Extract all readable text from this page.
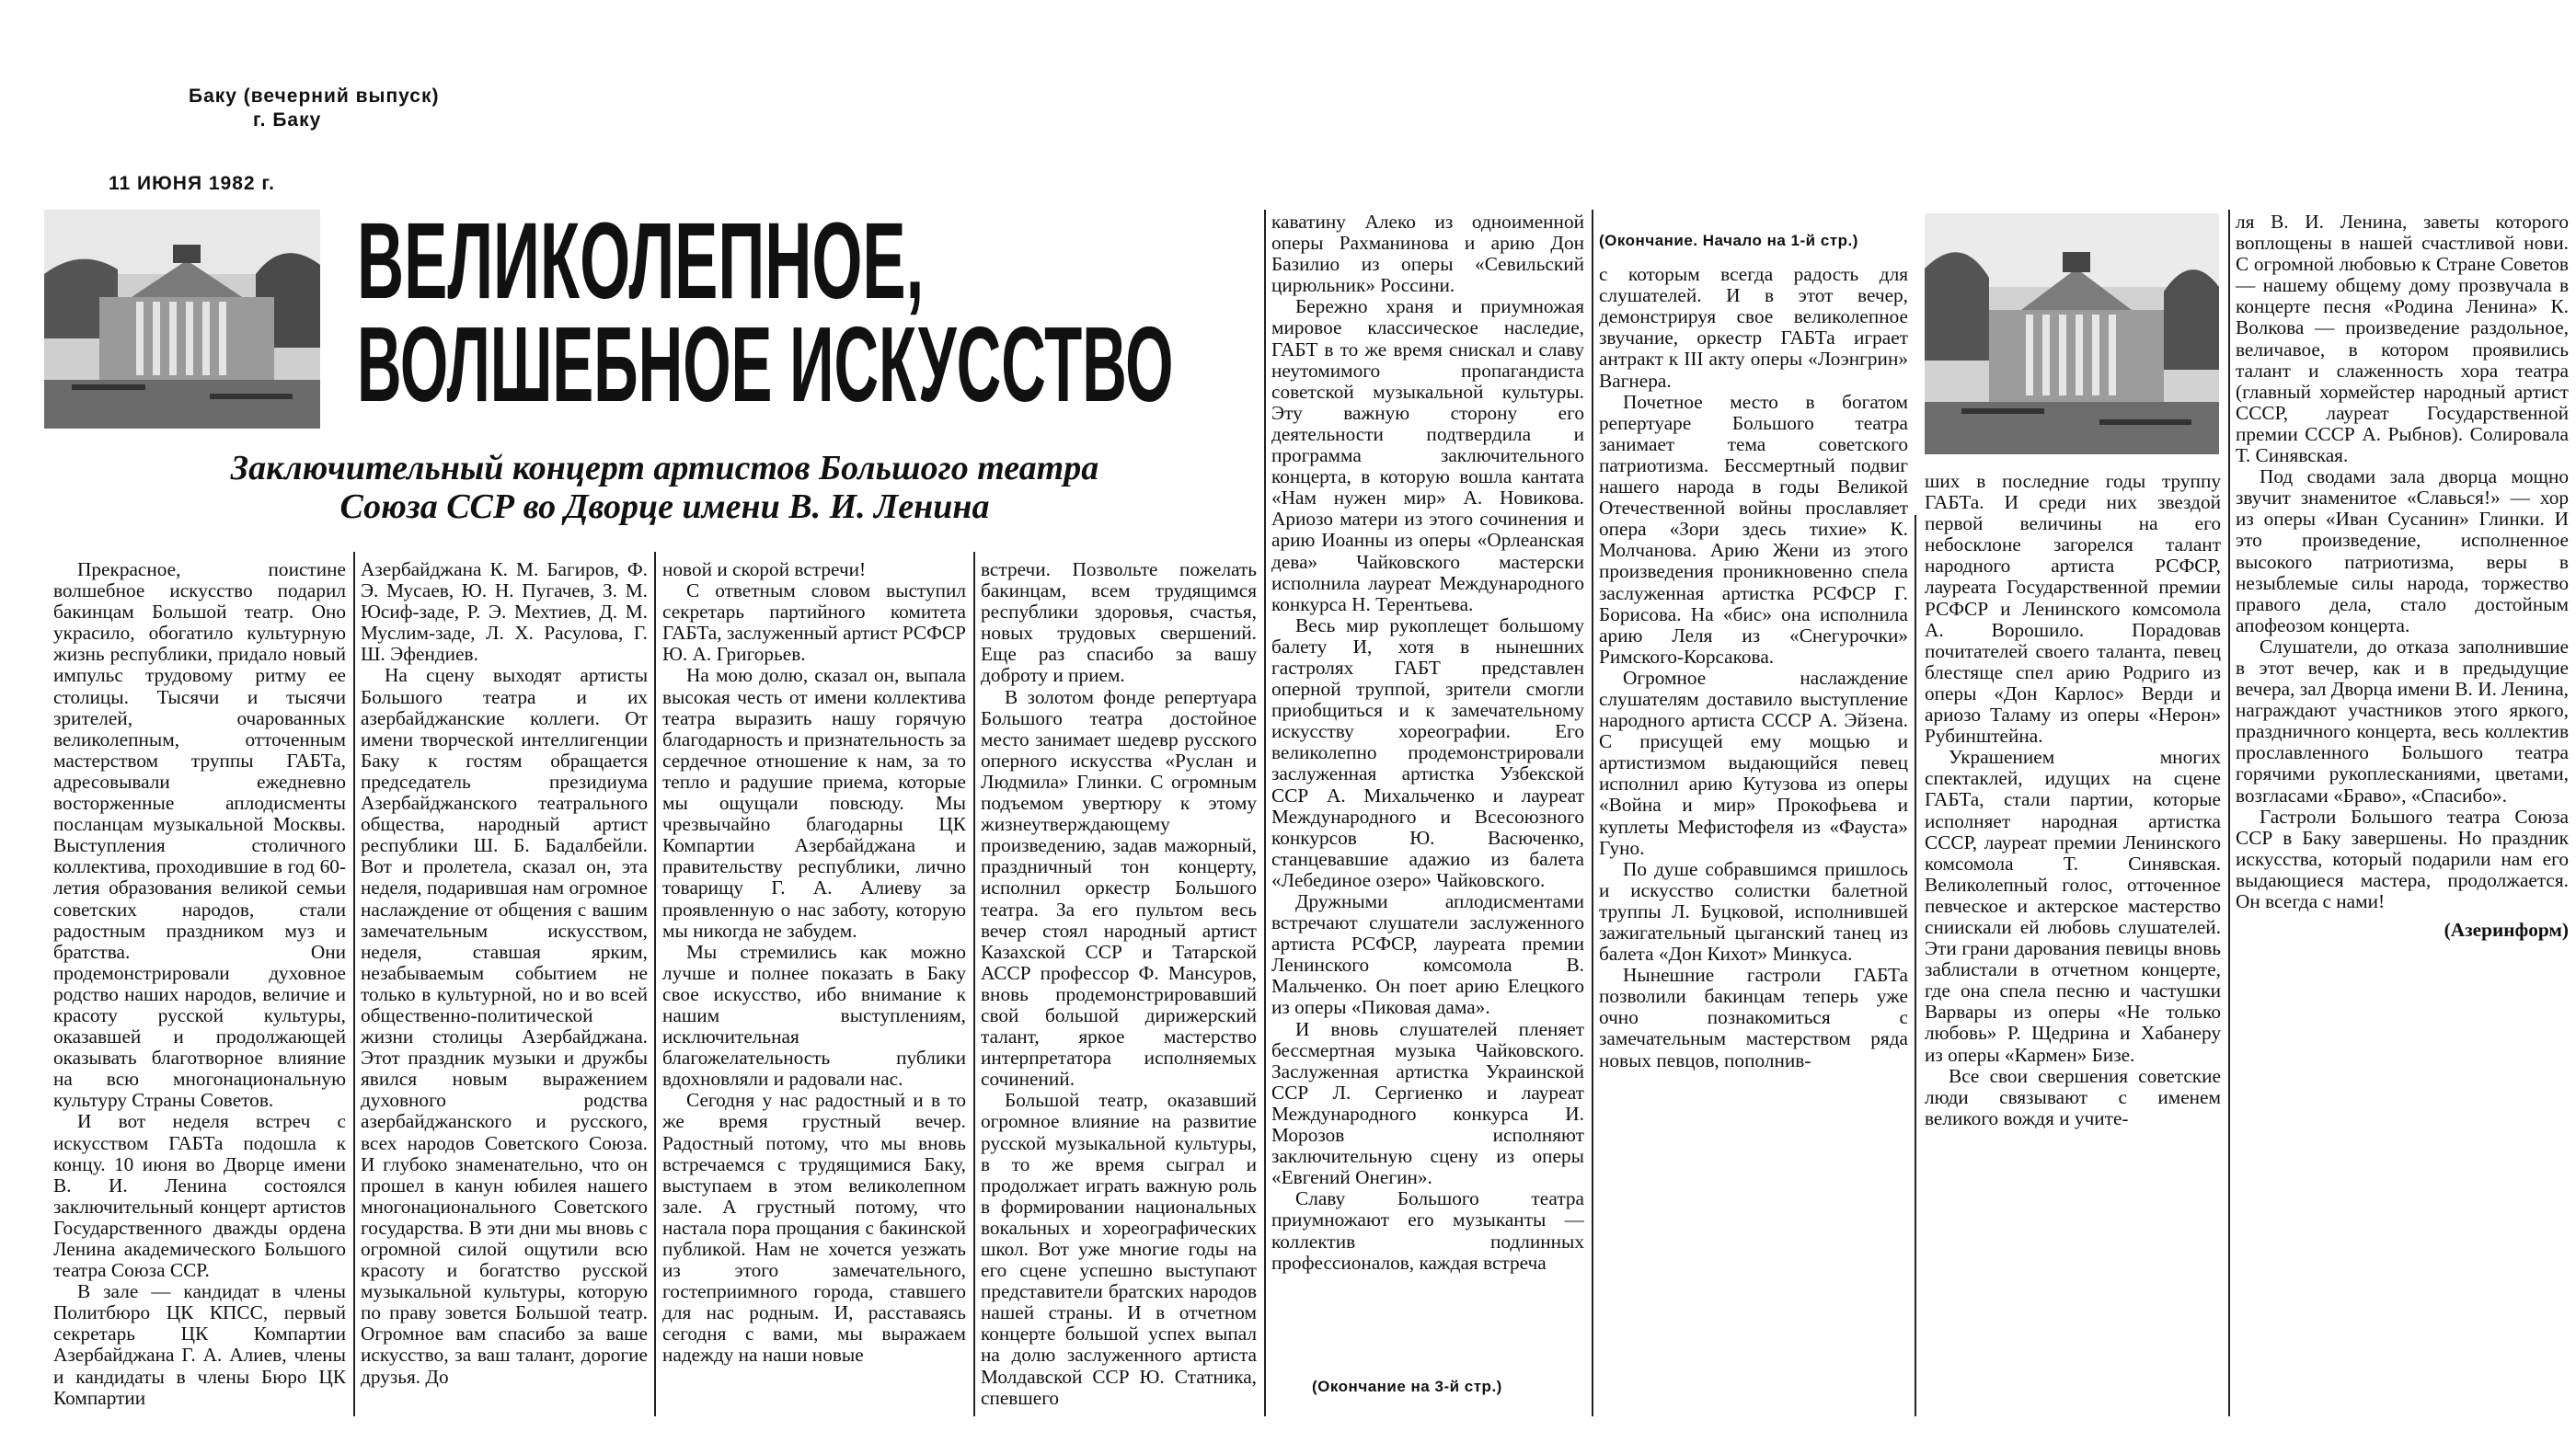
Баку (вечерний выпуск)
г. Баку
11 ИЮНЯ 1982 г.
ВЕЛИКОЛЕПНОЕ,
ВОЛШЕБНОЕ ИСКУССТВО

Заключительный концерт артистов Большого театра

Союза ССР во Дворце имени В. И. Ленина

Прекрасное, поистине волшебное искусство подарил бакинцам Большой театр. Оно украсило, обогатило культурную жизнь республики, придало новый импульс трудовому ритму ее столицы. Тысячи и тысячи зрителей, очарованных великолепным, отточенным мастерством труппы ГАБТа, адресовывали ежедневно восторженные аплодисменты посланцам музыкальной Москвы. Выступления столичного коллектива, проходившие в год 60-летия образования великой семьи советских народов, стали радостным праздником муз и братства. Они продемонстрировали духовное родство наших народов, величие и красоту русской культуры, оказавшей и продолжающей оказывать благотворное влияние на всю многонациональную культуру Страны Советов.

И вот неделя встреч с искусством ГАБТа подошла к концу. 10 июня во Дворце имени В. И. Ленина состоялся заключительный концерт артистов Государственного дважды ордена Ленина академического Большого театра Союза ССР.

В зале — кандидат в члены Политбюро ЦК КПСС, первый секретарь ЦК Компартии Азербайджана Г. А. Алиев, члены и кандидаты в члены Бюро ЦК Компартии

Азербайджана К. М. Багиров, Ф. Э. Мусаев, Ю. Н. Пугачев, З. М. Юсиф-заде, Р. Э. Мехтиев, Д. М. Муслим-заде, Л. Х. Расулова, Г. Ш. Эфендиев.

На сцену выходят артисты Большого театра и их азербайджанские коллеги. От имени творческой интеллигенции Баку к гостям обращается председатель президиума Азербайджанского театрального общества, народный артист республики Ш. Б. Бадалбейли. Вот и пролетела, сказал он, эта неделя, подарившая нам огромное наслаждение от общения с вашим замечательным искусством, неделя, ставшая ярким, незабываемым событием не только в культурной, но и во всей общественно-политической жизни столицы Азербайджана. Этот праздник музыки и дружбы явился новым выражением духовного родства азербайджанского и русского, всех народов Советского Союза. И глубоко знаменательно, что он прошел в канун юбилея нашего многонационального Советского государства. В эти дни мы вновь с огромной силой ощутили всю красоту и богатство русской музыкальной культуры, которую по праву зовется Большой театр. Огромное вам спасибо за ваше искусство, за ваш талант, дорогие друзья. До

новой и скорой встречи!

С ответным словом выступил секретарь партийного комитета ГАБТа, заслуженный артист РСФСР Ю. А. Григорьев.

На мою долю, сказал он, выпала высокая честь от имени коллектива театра выразить нашу горячую благодарность и признательность за сердечное отношение к нам, за то тепло и радушие приема, которые мы ощущали повсюду. Мы чрезвычайно благодарны ЦК Компартии Азербайджана и правительству республики, лично товарищу Г. А. Алиеву за проявленную о нас заботу, которую мы никогда не забудем.

Мы стремились как можно лучше и полнее показать в Баку свое искусство, ибо внимание к нашим выступлениям, исключительная благожелательность публики вдохновляли и радовали нас.

Сегодня у нас радостный и в то же время грустный вечер. Радостный потому, что мы вновь встречаемся с трудящимися Баку, выступаем в этом великолепном зале. А грустный потому, что настала пора прощания с бакинской публикой. Нам не хочется уезжать из этого замечательного, гостеприимного города, ставшего для нас родным. И, расставаясь сегодня с вами, мы выражаем надежду на наши новые

встречи. Позвольте пожелать бакинцам, всем трудящимся республики здоровья, счастья, новых трудовых свершений. Еще раз спасибо за вашу доброту и прием.

В золотом фонде репертуара Большого театра достойное место занимает шедевр русского оперного искусства «Руслан и Людмила» Глинки. С огромным подъемом увертюру к этому жизнеутверждающему произведению, задав мажорный, праздничный тон концерту, исполнил оркестр Большого театра. За его пультом весь вечер стоял народный артист Казахской ССР и Татарской АССР профессор Ф. Мансуров, вновь продемонстрировавший свой большой дирижерский талант, яркое мастерство интерпретатора исполняемых сочинений.

Большой театр, оказавший огромное влияние на развитие русской музыкальной культуры, в то же время сыграл и продолжает играть важную роль в формировании национальных вокальных и хореографических школ. Вот уже многие годы на его сцене успешно выступают представители братских народов нашей страны. И в отчетном концерте большой успех выпал на долю заслуженного артиста Молдавской ССР Ю. Статника, спевшего

каватину Алеко из одноименной оперы Рахманинова и арию Дон Базилио из оперы «Севильский цирюльник» Россини.

Бережно храня и приумножая мировое классическое наследие, ГАБТ в то же время снискал и славу неутомимого пропагандиста советской музыкальной культуры. Эту важную сторону его деятельности подтвердила и программа заключительного концерта, в которую вошла кантата «Нам нужен мир» А. Новикова. Ариозо матери из этого сочинения и арию Иоанны из оперы «Орлеанская дева» Чайковского мастерски исполнила лауреат Международного конкурса Н. Терентьева.

Весь мир рукоплещет большому балету И, хотя в нынешних гастролях ГАБТ представлен оперной труппой, зрители смогли приобщиться и к замечательному искусству хореографии. Его великолепно продемонстрировали заслуженная артистка Узбекской ССР А. Михальченко и лауреат Международного и Всесоюзного конкурсов Ю. Васюченко, станцевавшие адажио из балета «Лебединое озеро» Чайковского.

Дружными аплодисментами встречают слушатели заслуженного артиста РСФСР, лауреата премии Ленинского комсомола В. Мальченко. Он поет арию Елецкого из оперы «Пиковая дама».

И вновь слушателей пленяет бессмертная музыка Чайковского. Заслуженная артистка Украинской ССР Л. Сергиенко и лауреат Международного конкурса И. Морозов исполняют заключительную сцену из оперы «Евгений Онегин».

Славу Большого театра приумножают его музыканты — коллектив подлинных профессионалов, каждая встреча

(Окончание. Начало на 1-й стр.)

с которым всегда радость для слушателей. И в этот вечер, демонстрируя свое великолепное звучание, оркестр ГАБТа играет антракт к III акту оперы «Лоэнгрин» Вагнера.

Почетное место в богатом репертуаре Большого театра занимает тема советского патриотизма. Бессмертный подвиг нашего народа в годы Великой Отечественной войны прославляет опера «Зори здесь тихие» К. Молчанова. Арию Жени из этого произведения проникновенно спела заслуженная артистка РСФСР Г. Борисова. На «бис» она исполнила арию Леля из «Снегурочки» Римского-Корсакова.

Огромное наслаждение слушателям доставило выступление народного артиста СССР А. Эйзена. С присущей ему мощью и артистизмом выдающийся певец исполнил арию Кутузова из оперы «Война и мир» Прокофьева и куплеты Мефистофеля из «Фауста» Гуно.

По душе собравшимся пришлось и искусство солистки балетной труппы Л. Буцковой, исполнившей зажигательный цыганский танец из балета «Дон Кихот» Минкуса.

Нынешние гастроли ГАБТа позволили бакинцам теперь уже очно познакомиться с замечательным мастерством ряда новых певцов, пополнив-

(Окончание на 3-й стр.)

ших в последние годы труппу ГАБТа. И среди них звездой первой величины на его небосклоне загорелся талант народного артиста РСФСР, лауреата Государственной премии РСФСР и Ленинского комсомола А. Ворошило. Порадовав почитателей своего таланта, певец блестяще спел арию Родриго из оперы «Дон Карлос» Верди и ариозо Таламу из оперы «Нерон» Рубинштейна.

Украшением многих спектаклей, идущих на сцене ГАБТа, стали партии, которые исполняет народная артистка СССР, лауреат премии Ленинского комсомола Т. Синявская. Великолепный голос, отточенное певческое и актерское мастерство сниискали ей любовь слушателей. Эти грани дарования певицы вновь заблистали в отчетном концерте, где она спела песню и частушки Варвары из оперы «Не только любовь» Р. Щедрина и Хабанеру из оперы «Кармен» Бизе.

Все свои свершения советские люди связывают с именем великого вождя и учите-

ля В. И. Ленина, заветы которого воплощены в нашей счастливой нови. С огромной любовью к Стране Советов — нашему общему дому прозвучала в концерте песня «Родина Ленина» К. Волкова — произведение раздольное, величавое, в котором проявились талант и слаженность хора театра (главный хормейстер народный артист СССР, лауреат Государственной премии СССР А. Рыбнов). Солировала Т. Синявская.

Под сводами зала дворца мощно звучит знаменитое «Славься!» — хор из оперы «Иван Сусанин» Глинки. И это произведение, исполненное высокого патриотизма, веры в незыблемые силы народа, торжество правого дела, стало достойным апофеозом концерта.

Слушатели, до отказа заполнившие в этот вечер, как и в предыдущие вечера, зал Дворца имени В. И. Ленина, награждают участников этого яркого, праздничного концерта, весь коллектив прославленного Большого театра горячими рукоплесканиями, цветами, возгласами «Браво», «Спасибо».

Гастроли Большого театра Союза ССР в Баку завершены. Но праздник искусства, который подарили нам его выдающиеся мастера, продолжается. Он всегда с нами!

(Азеринформ)
